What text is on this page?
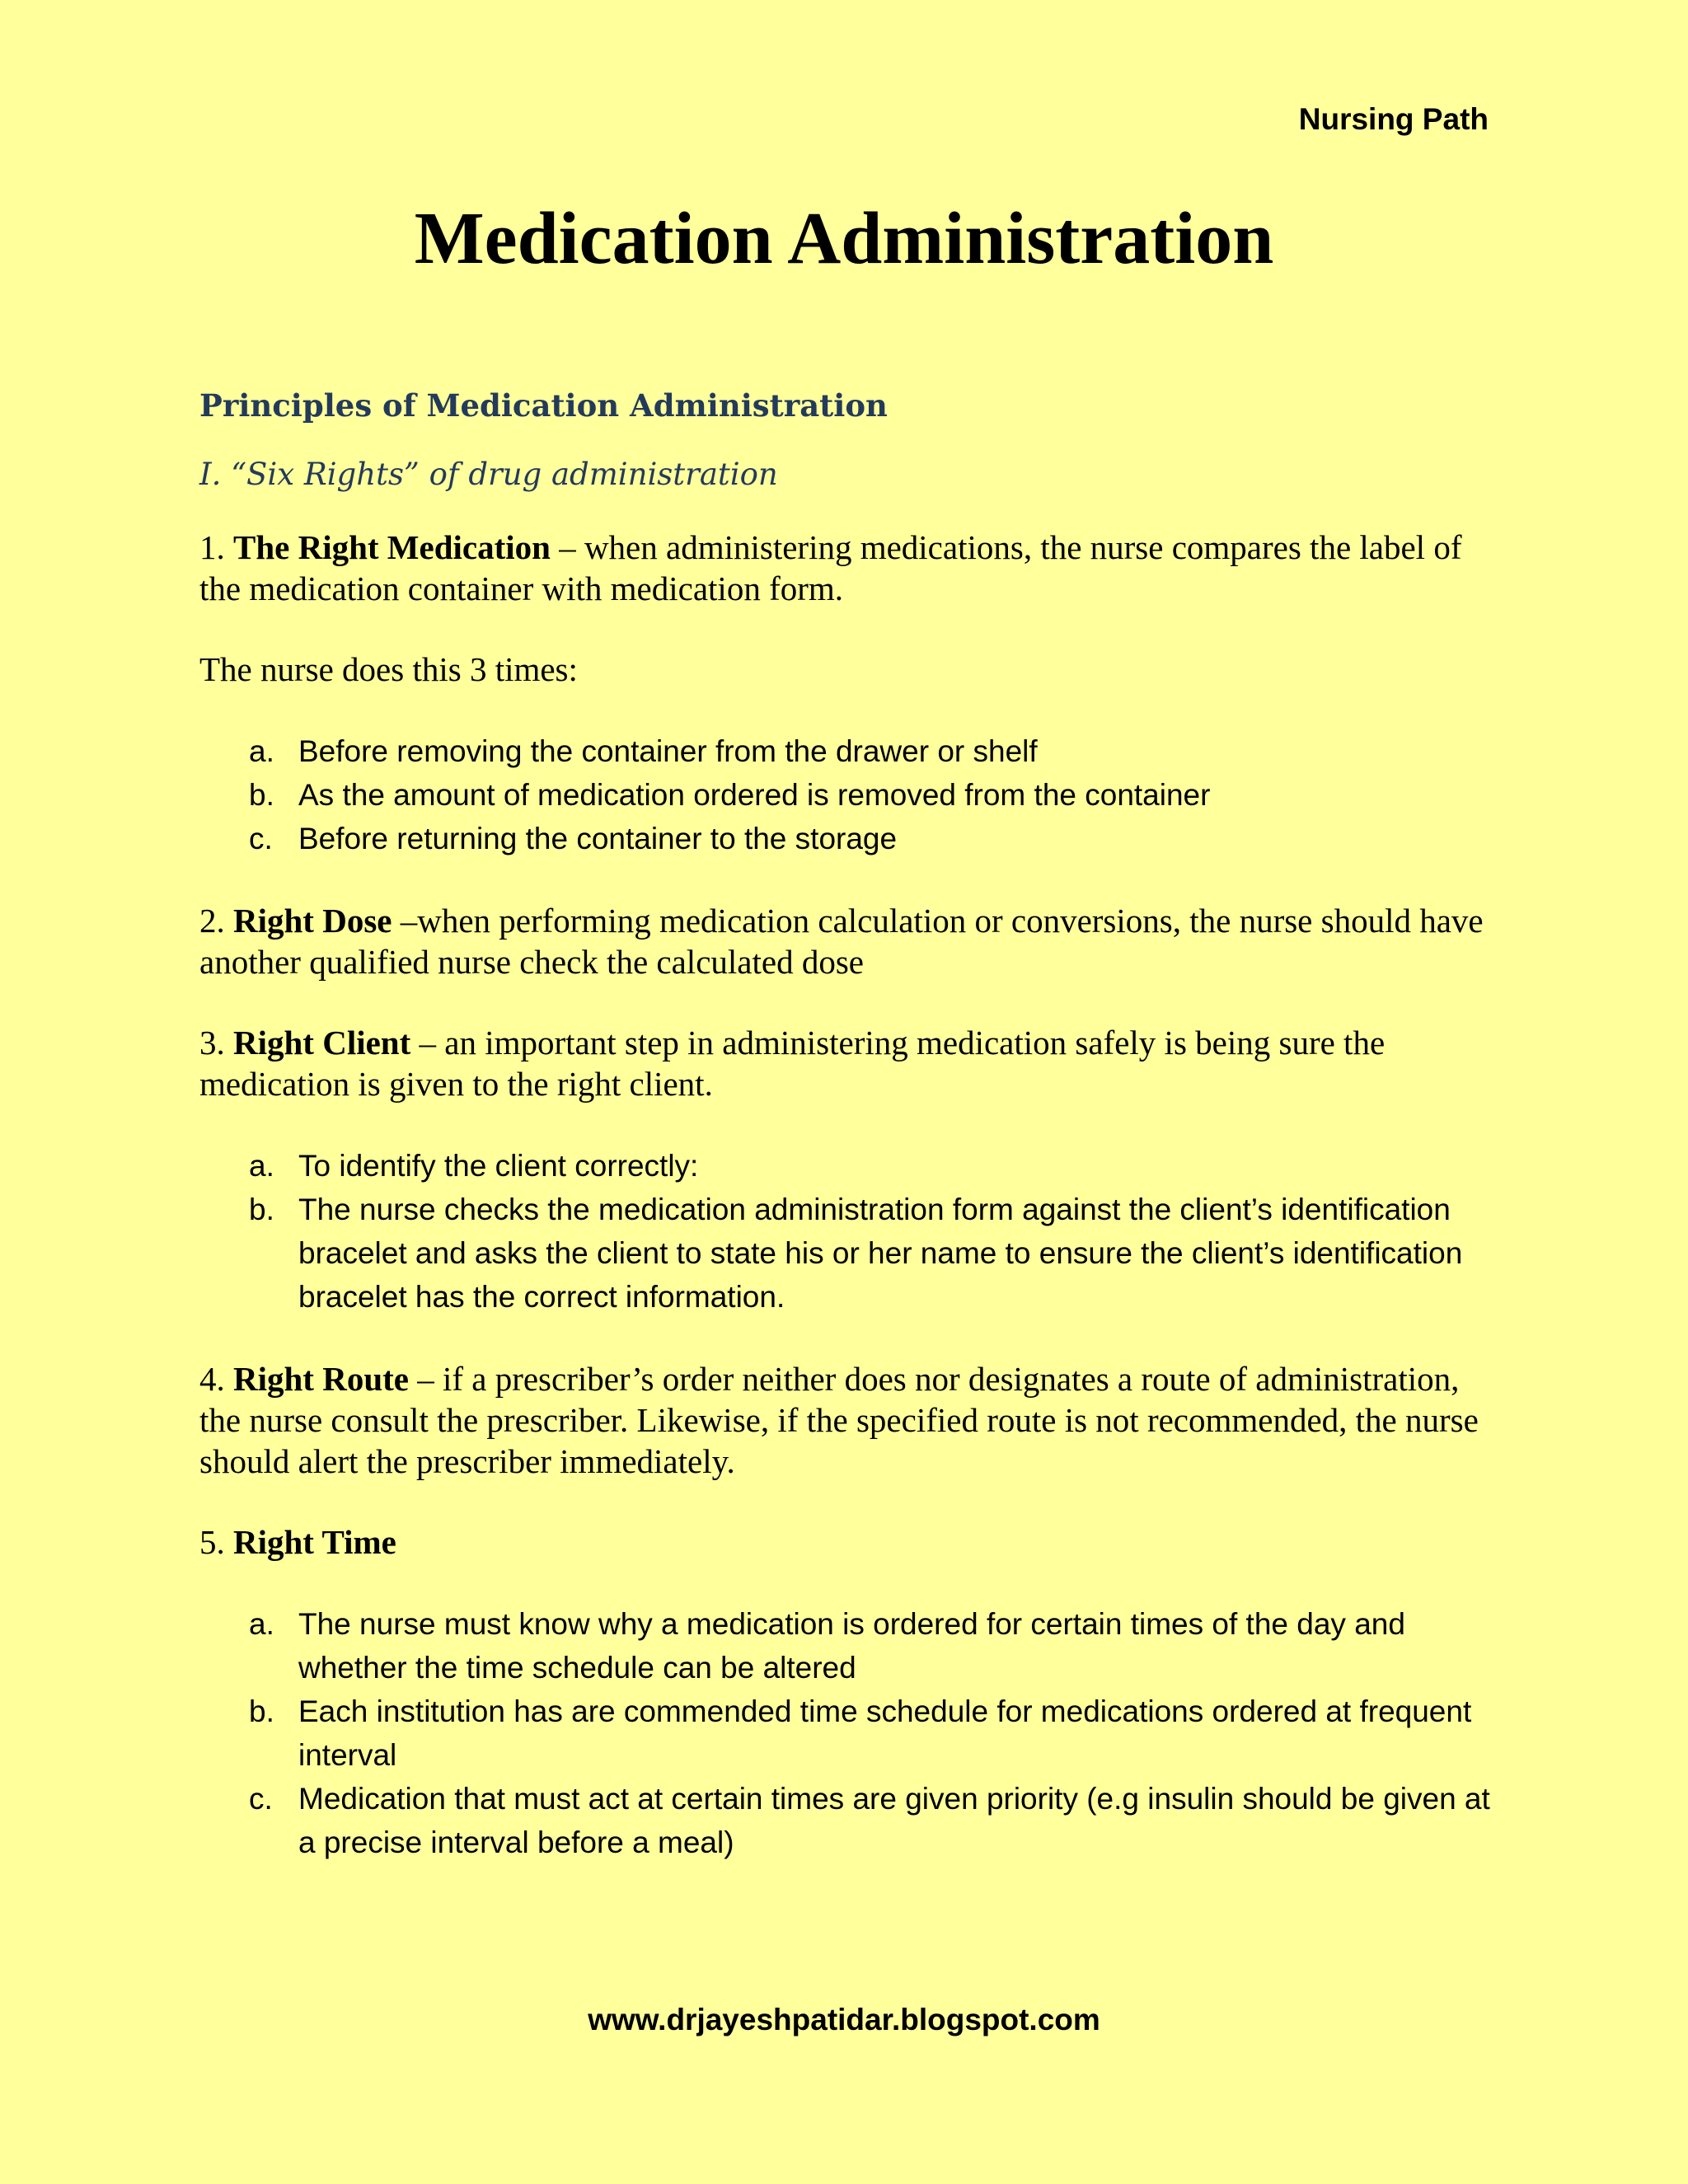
Nursing Path
Medication Administration
Principles of Medication Administration
I. “Six Rights” of drug administration

1. The Right Medication – when administering medications, the nurse compares the label of the medication container with medication form.

The nurse does this 3 times:

a. Before removing the container from the drawer or shelf
b. As the amount of medication ordered is removed from the container
c. Before returning the container to the storage

2. Right Dose –when performing medication calculation or conversions, the nurse should have another qualified nurse check the calculated dose

3. Right Client – an important step in administering medication safely is being sure the medication is given to the right client.

a. To identify the client correctly:
b. The nurse checks the medication administration form against the client’s identification bracelet and asks the client to state his or her name to ensure the client’s identification bracelet has the correct information.

4. Right Route – if a prescriber’s order neither does nor designates a route of administration, the nurse consult the prescriber. Likewise, if the specified route is not recommended, the nurse should alert the prescriber immediately.

5. Right Time

a. The nurse must know why a medication is ordered for certain times of the day and whether the time schedule can be altered
b. Each institution has are commended time schedule for medications ordered at frequent interval
c. Medication that must act at certain times are given priority (e.g insulin should be given at a precise interval before a meal)
www.drjayeshpatidar.blogspot.com
